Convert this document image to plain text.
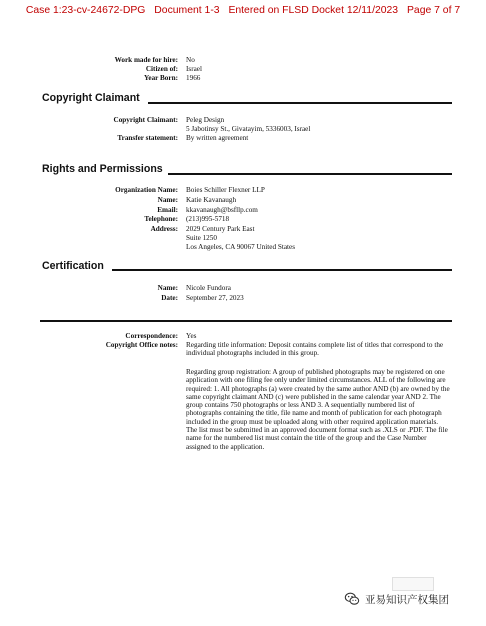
Case 1:23-cv-24672-DPG Document 1-3 Entered on FLSD Docket 12/11/2023 Page 7 of 7
Work made for hire: No
Citizen of: Israel
Year Born: 1966
Copyright Claimant
Copyright Claimant: Peleg Design
5 Jabotinsy St., Givatayim, 5336003, Israel
Transfer statement: By written agreement
Rights and Permissions
Organization Name: Boies Schiller Flexner LLP
Name: Katie Kavanaugh
Email: kkavanaugh@bsfllp.com
Telephone: (213)995-5718
Address: 2029 Century Park East
Suite 1250
Los Angeles, CA 90067 United States
Certification
Name: Nicole Fundora
Date: September 27, 2023
Correspondence: Yes
Copyright Office notes: Regarding title information: Deposit contains complete list of titles that correspond to the individual photographs included in this group.
Regarding group registration: A group of published photographs may be registered on one application with one filing fee only under limited circumstances. ALL of the following are required: 1. All photographs (a) were created by the same author AND (b) are owned by the same copyright claimant AND (c) were published in the same calendar year AND 2. The group contains 750 photographs or less AND 3. A sequentially numbered list of photographs containing the title, file name and month of publication for each photograph included in the group must be uploaded along with other required application materials. The list must be submitted in an approved document format such as .XLS or .PDF. The file name for the numbered list must contain the title of the group and the Case Number assigned to the application.
亚易知识产权集团
